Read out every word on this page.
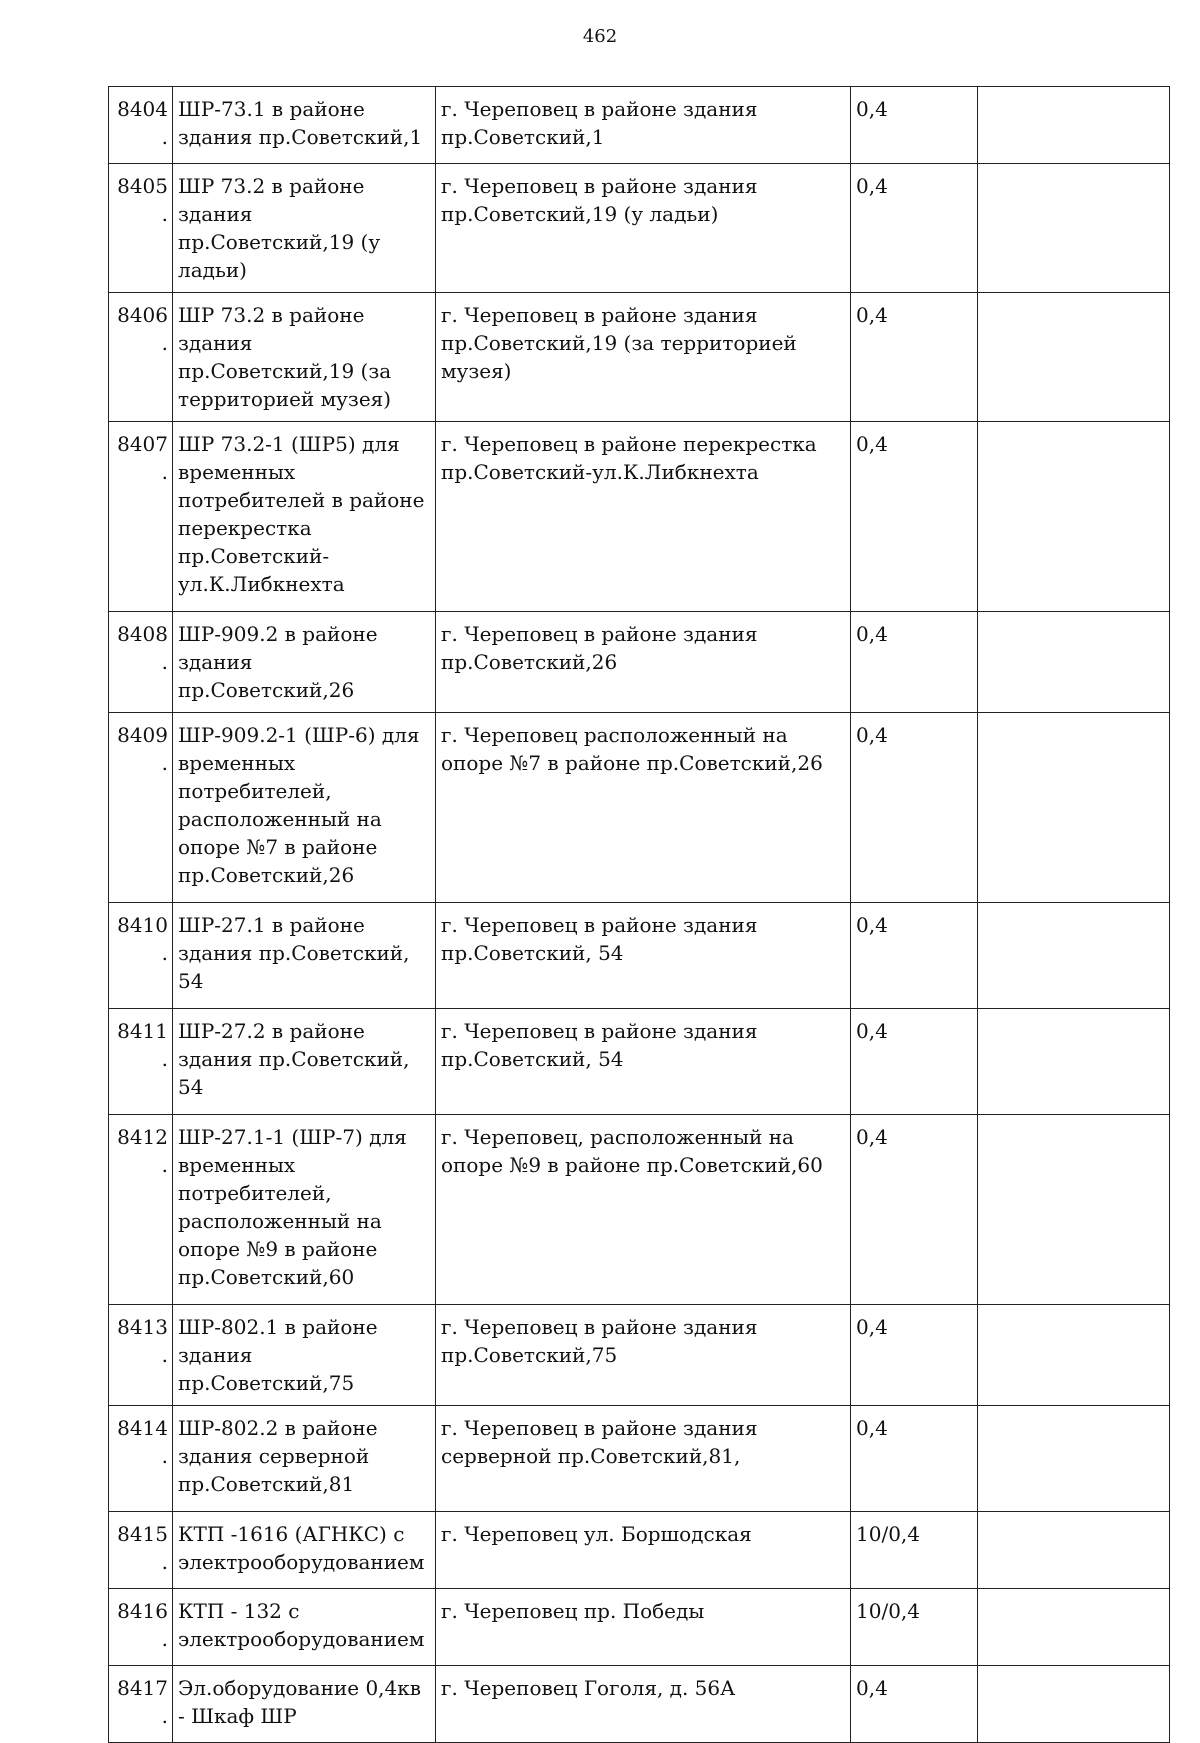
462
8404.	ШР-73.1 в районе здания пр.Советский,1	г. Череповец в районе здания пр.Советский,1	0,4	
8405.	ШР 73.2 в районе здания пр.Советский,19 (у ладьи)	г. Череповец в районе здания пр.Советский,19 (у ладьи)	0,4	
8406.	ШР 73.2 в районе здания пр.Советский,19 (за территорией музея)	г. Череповец в районе здания пр.Советский,19 (за территорией музея)	0,4	
8407.	ШР 73.2-1 (ШР5) для временных потребителей в районе перекрестка пр.Советский-ул.К.Либкнехта	г. Череповец в районе перекрестка пр.Советский-ул.К.Либкнехта	0,4	
8408.	ШР-909.2 в районе здания пр.Советский,26	г. Череповец в районе здания пр.Советский,26	0,4	
8409.	ШР-909.2-1 (ШР-6) для временных потребителей, расположенный на опоре №7 в районе пр.Советский,26	г. Череповец расположенный на опоре №7 в районе пр.Советский,26	0,4	
8410.	ШР-27.1 в районе здания пр.Советский, 54	г. Череповец в районе здания пр.Советский, 54	0,4	
8411.	ШР-27.2 в районе здания пр.Советский, 54	г. Череповец в районе здания пр.Советский, 54	0,4	
8412.	ШР-27.1-1 (ШР-7) для временных потребителей, расположенный на опоре №9 в районе пр.Советский,60	г. Череповец, расположенный на опоре №9 в районе пр.Советский,60	0,4	
8413.	ШР-802.1 в районе здания пр.Советский,75	г. Череповец в районе здания пр.Советский,75	0,4	
8414.	ШР-802.2 в районе здания серверной пр.Советский,81	г. Череповец в районе здания серверной пр.Советский,81,	0,4	
8415.	КТП -1616 (АГНКС) с электрооборудованием	г. Череповец ул. Боршодская	10/0,4	
8416.	КТП - 132 с электрооборудованием	г. Череповец пр. Победы	10/0,4	
8417.	Эл.оборудование 0,4кв - Шкаф ШР	г. Череповец Гоголя, д. 56А	0,4	
